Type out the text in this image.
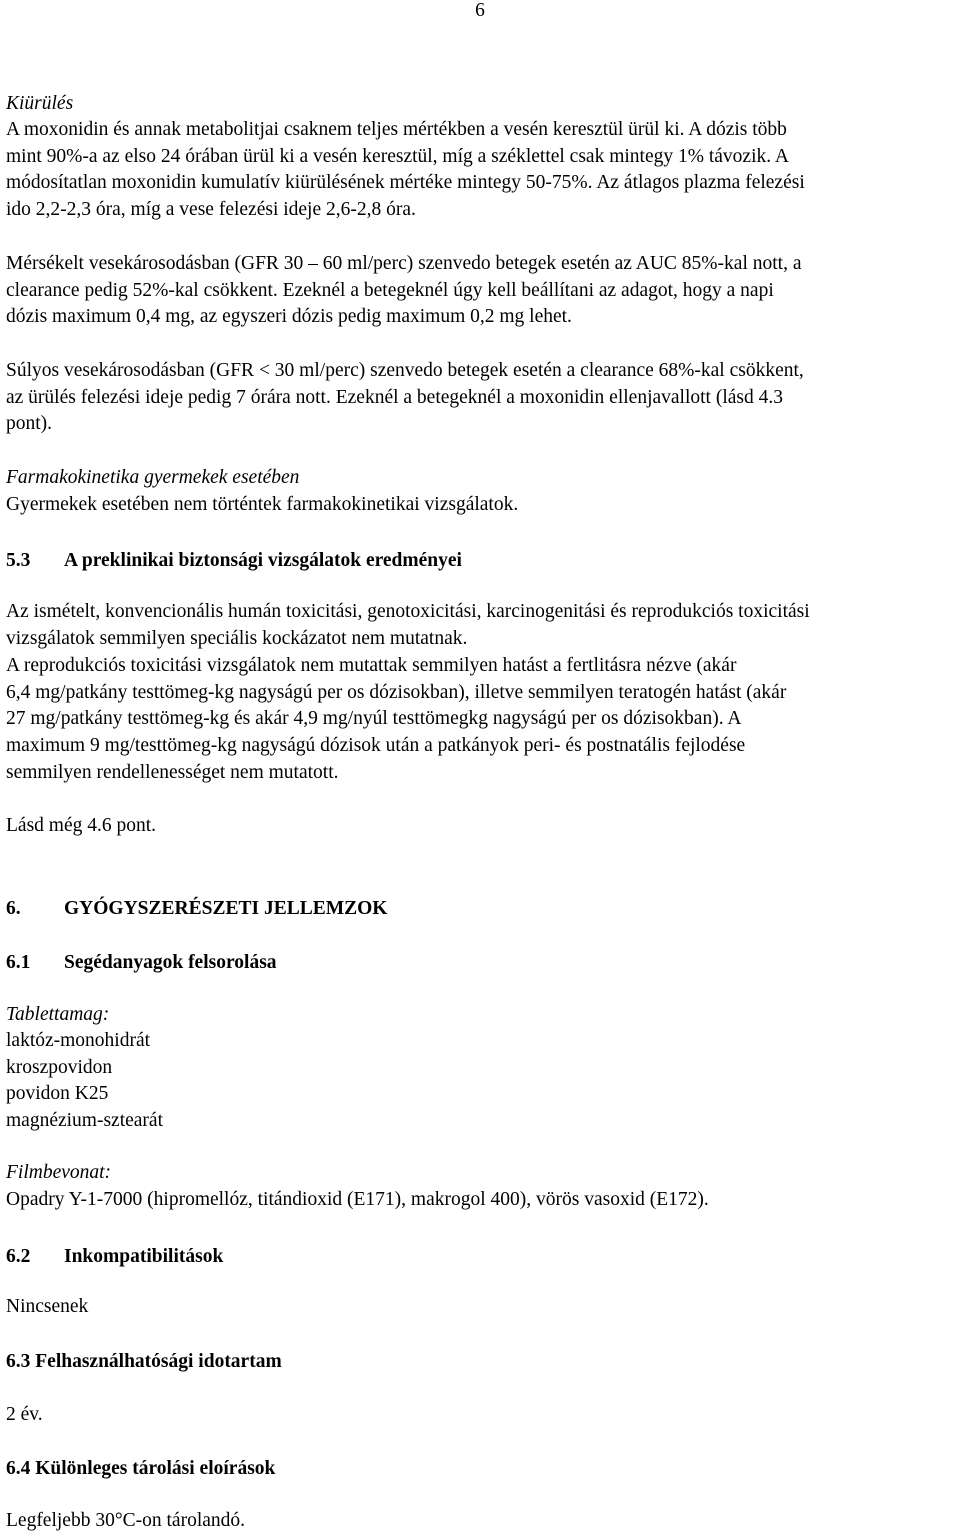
6

Kiürülés

A moxonidin és annak metabolitjai csaknem teljes mértékben a vesén keresztül ürül ki. A dózis több

mint 90%-a az elso 24 órában ürül ki a vesén keresztül, míg a széklettel csak mintegy 1% távozik. A

módosítatlan moxonidin kumulatív kiürülésének mértéke mintegy 50-75%. Az átlagos plazma felezési

ido 2,2-2,3 óra, míg a vese felezési ideje 2,6-2,8 óra.

Mérsékelt vesekárosodásban (GFR 30 – 60 ml/perc) szenvedo betegek esetén az AUC 85%-kal nott, a

clearance pedig 52%-kal csökkent. Ezeknél a betegeknél úgy kell beállítani az adagot, hogy a napi

dózis maximum 0,4 mg, az egyszeri dózis pedig maximum 0,2 mg lehet.

Súlyos vesekárosodásban (GFR < 30 ml/perc) szenvedo betegek esetén a clearance 68%-kal csökkent,

az ürülés felezési ideje pedig 7 órára nott. Ezeknél a betegeknél a moxonidin ellenjavallott (lásd 4.3

pont).

Farmakokinetika gyermekek esetében

Gyermekek esetében nem történtek farmakokinetikai vizsgálatok.

5.3 A preklinikai biztonsági vizsgálatok eredményei

Az ismételt, konvencionális humán toxicitási, genotoxicitási, karcinogenitási és reprodukciós toxicitási

vizsgálatok semmilyen speciális kockázatot nem mutatnak.

A reprodukciós toxicitási vizsgálatok nem mutattak semmilyen hatást a fertlitásra nézve (akár

6,4 mg/patkány testtömeg-kg nagyságú per os dózisokban), illetve semmilyen teratogén hatást (akár

27 mg/patkány testtömeg-kg és akár 4,9 mg/nyúl testtömegkg nagyságú per os dózisokban). A

maximum 9 mg/testtömeg-kg nagyságú dózisok után a patkányok peri- és postnatális fejlodése

semmilyen rendellenességet nem mutatott.

Lásd még 4.6 pont.

6. GYÓGYSZERÉSZETI JELLEMZOK

6.1 Segédanyagok felsorolása

Tablettamag:

laktóz-monohidrát

kroszpovidon

povidon K25

magnézium-sztearát

Filmbevonat:

Opadry Y-1-7000 (hipromellóz, titándioxid (E171), makrogol 400), vörös vasoxid (E172).

6.2 Inkompatibilitások

Nincsenek

6.3 Felhasználhatósági idotartam

2 év.

6.4 Különleges tárolási eloírások

Legfeljebb 30°C-on tárolandó.
